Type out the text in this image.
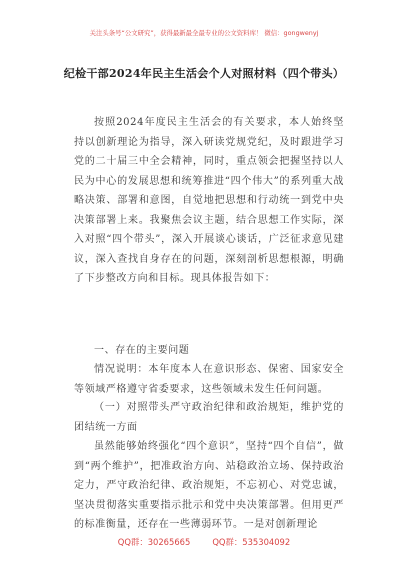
关注头条号“公文研究”，获得最新最全最专业的公文资料库！ 微信：gongwenyj
纪检干部2024年民主生活会个人对照材料（四个带头）

按照2024年度民主生活会的有关要求，本人始终坚持以创新理论为指导，深入研读党规党纪，及时跟进学习党的二十届三中全会精神，同时，重点领会把握坚持以人民为中心的发展思想和统筹推进“四个伟大”的系列重大战略决策、部署和意图，自觉地把思想和行动统一到党中央决策部署上来。我聚焦会议主题，结合思想工作实际，深入对照“四个带头”，深入开展谈心谈话，广泛征求意见建议，深入查找自身存在的问题，深刻剖析思想根源，明确了下步整改方向和目标。现具体报告如下：

一、存在的主要问题

情况说明：本年度本人在意识形态、保密、国家安全等领域严格遵守省委要求，这些领域未发生任何问题。

（一）对照带头严守政治纪律和政治规矩，维护党的团结统一方面

虽然能够始终强化“四个意识”，坚持“四个自信”，做到“两个维护”，把准政治方向、站稳政治立场、保持政治定力，严守政治纪律、政治规矩，不忘初心、对党忠诚，坚决贯彻落实重要指示批示和党中央决策部署。但用更严的标准衡量，还存在一些薄弱环节。一是对创新理论

QQ群：30265665	QQ群：535304092
